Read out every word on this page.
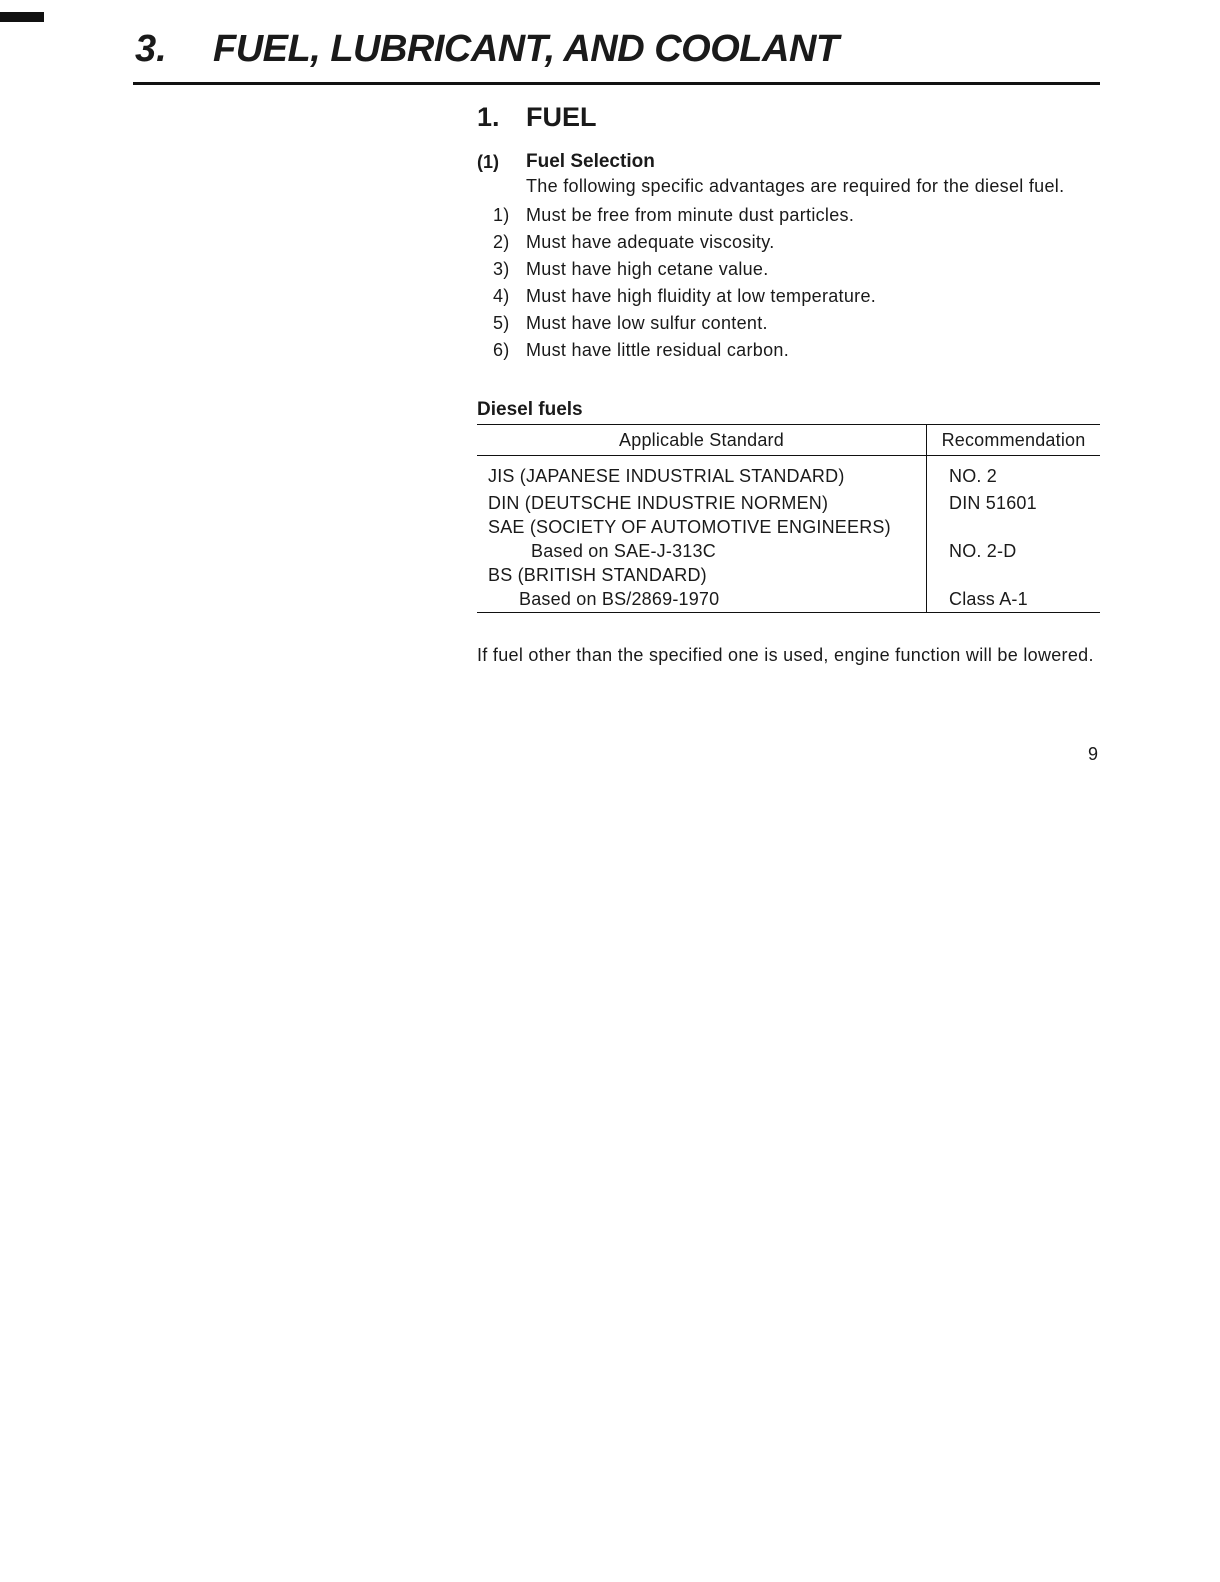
3. FUEL, LUBRICANT, AND COOLANT
1. FUEL
(1) Fuel Selection
The following specific advantages are required for the diesel fuel.
1) Must be free from minute dust particles.
2) Must have adequate viscosity.
3) Must have high cetane value.
4) Must have high fluidity at low temperature.
5) Must have low sulfur content.
6) Must have little residual carbon.
Diesel fuels
Applicable Standard	Recommendation
JIS (JAPANESE INDUSTRIAL STANDARD)	NO. 2
DIN (DEUTSCHE INDUSTRIE NORMEN)	DIN 51601
SAE (SOCIETY OF AUTOMOTIVE ENGINEERS)
Based on SAE-J-313C	NO. 2-D
BS (BRITISH STANDARD)
Based on BS/2869-1970	Class A-1
If fuel other than the specified one is used, engine function will be lowered.
9
